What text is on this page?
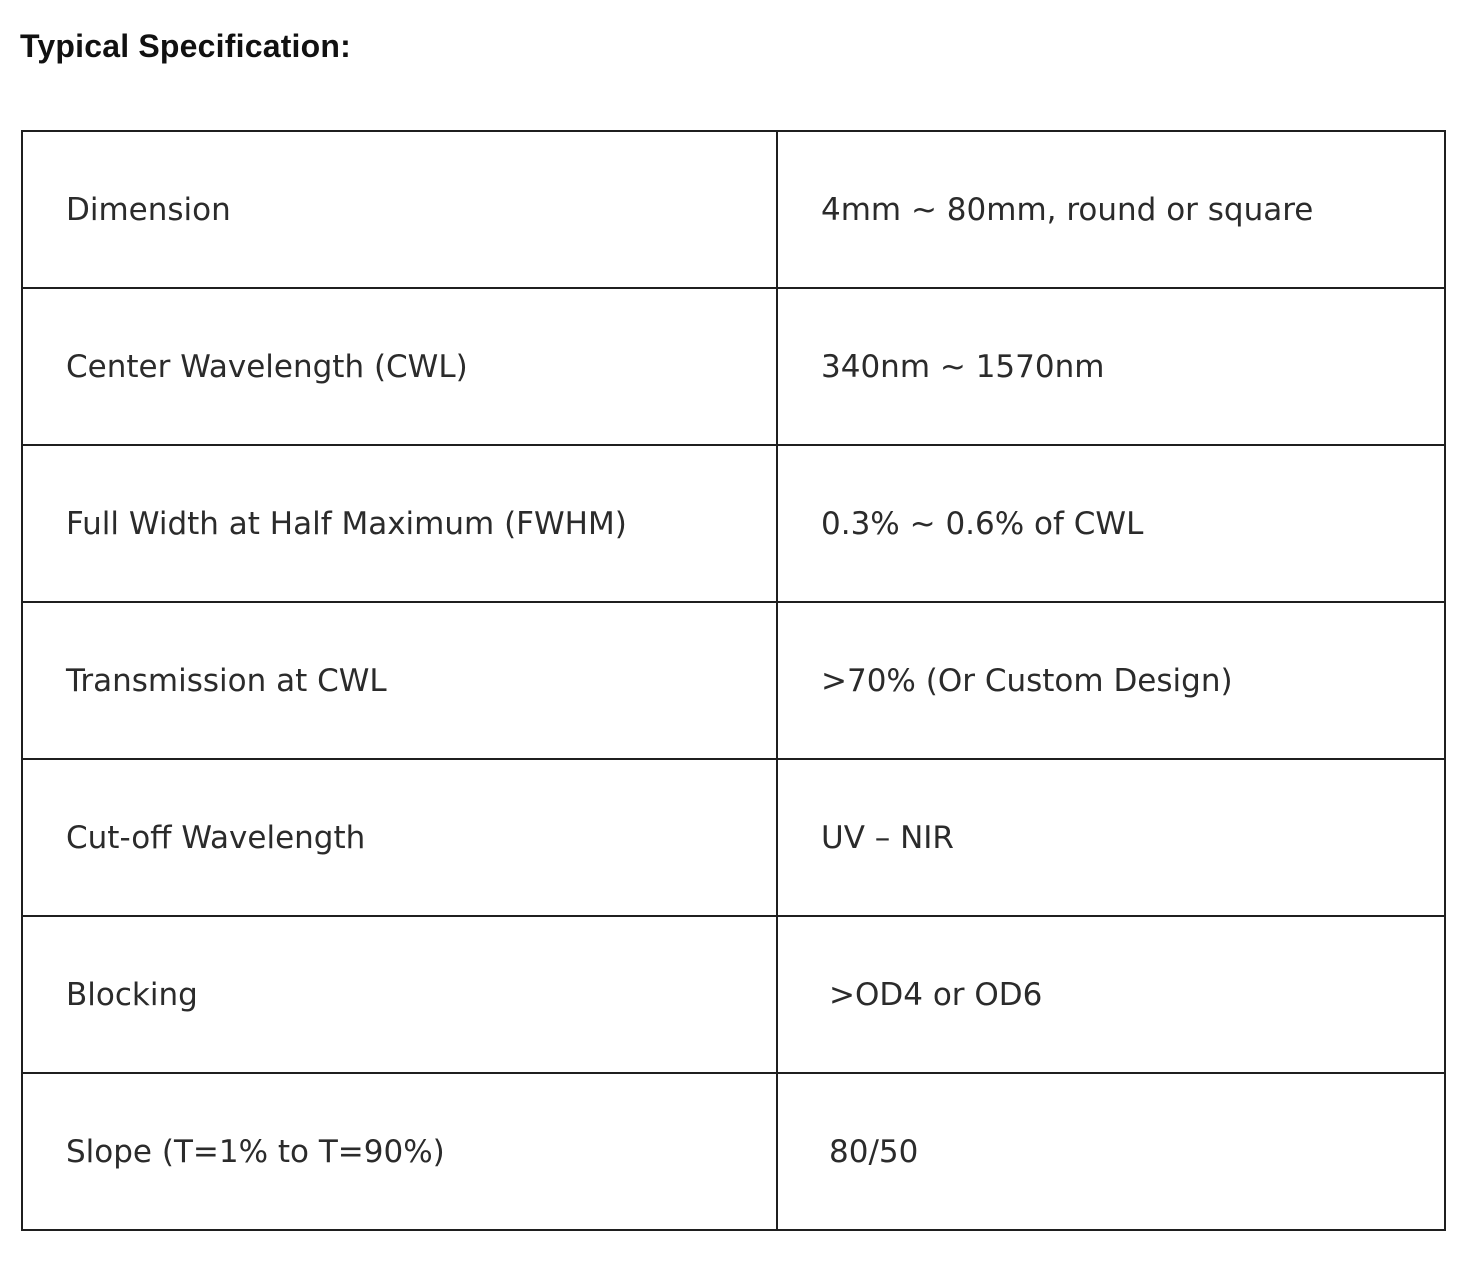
Typical Specification:
Dimension	4mm ~ 80mm, round or square
Center Wavelength (CWL)	340nm ~ 1570nm
Full Width at Half Maximum (FWHM)	0.3% ~ 0.6% of CWL
Transmission at CWL	>70% (Or Custom Design)
Cut-off Wavelength	UV – NIR
Blocking	>OD4 or OD6
Slope (T=1% to T=90%)	80/50
